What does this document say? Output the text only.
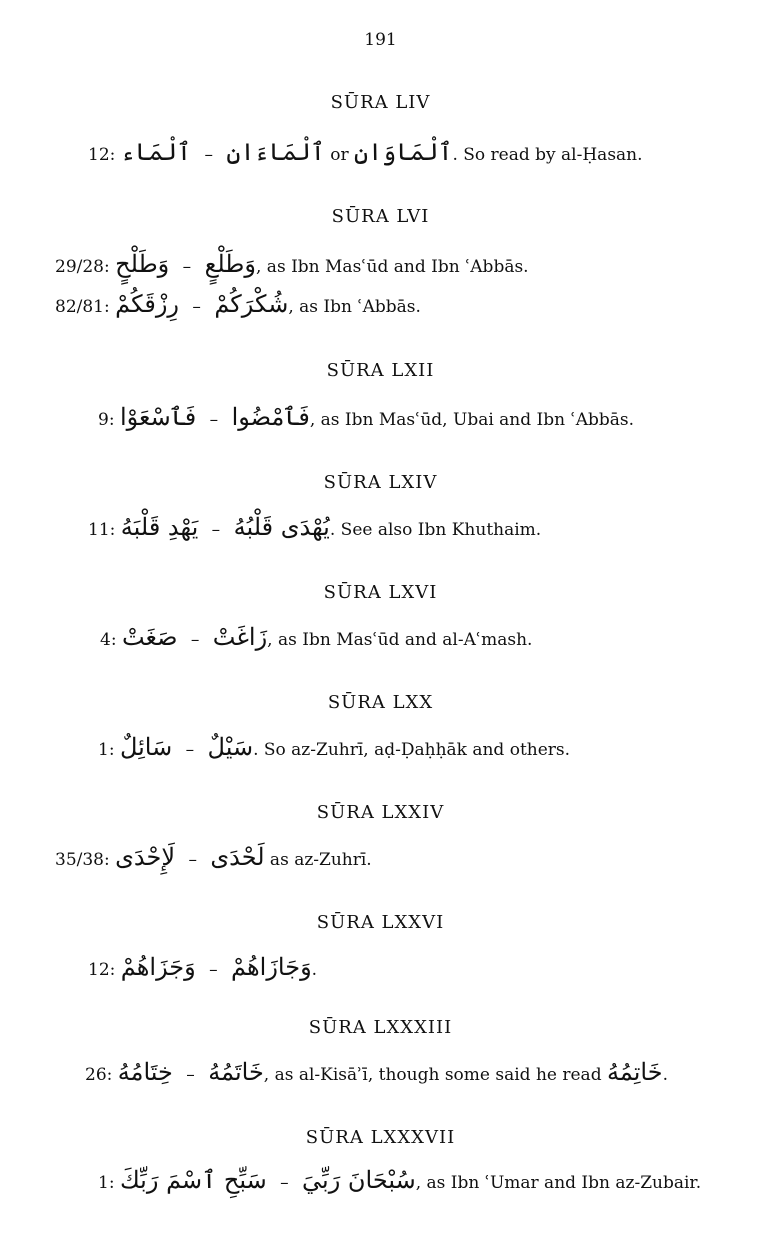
191
SŪRA LIV
12: ٱلْمَاء – ٱلْمَاءَانِ or ٱلْمَاوَانِ. So read by al-Ḥasan.
SŪRA LVI
29/28: وَطَلْحٍ – وَطَلْعٍ, as Ibn Masʿūd and Ibn ʿAbbās.
82/81: رِزْقَكُمْ – شُكْرَكُمْ, as Ibn ʿAbbās.
SŪRA LXII
9: فَٱسْعَوْا – فَٱمْضُوا, as Ibn Masʿūd, Ubai and Ibn ʿAbbās.
SŪRA LXIV
11: يَهْدِ قَلْبَهُ – يُهْدَى قَلْبُهُ. See also Ibn Khuthaim.
SŪRA LXVI
4: صَغَتْ – زَاغَتْ, as Ibn Masʿūd and al-Aʿmash.
SŪRA LXX
1: سَائِلٌ – سَيْلٌ. So az-Zuhrī, aḍ-Ḍaḥḥāk and others.
SŪRA LXXIV
35/38: لَإِحْدَى – لَحْدَى as az-Zuhrī.
SŪRA LXXVI
12: وَجَزَاهُمْ – وَجَازَاهُمْ.
SŪRA LXXXIII
26: خِتَامُهُ – خَاتَمُهُ, as al-Kisāʾī, though some said he read خَاتِمُهُ.
SŪRA LXXXVII
1: سَبِّحِ ٱسْمَ رَبِّكَ – سُبْحَانَ رَبِّيَ, as Ibn ʿUmar and Ibn az-Zubair.
